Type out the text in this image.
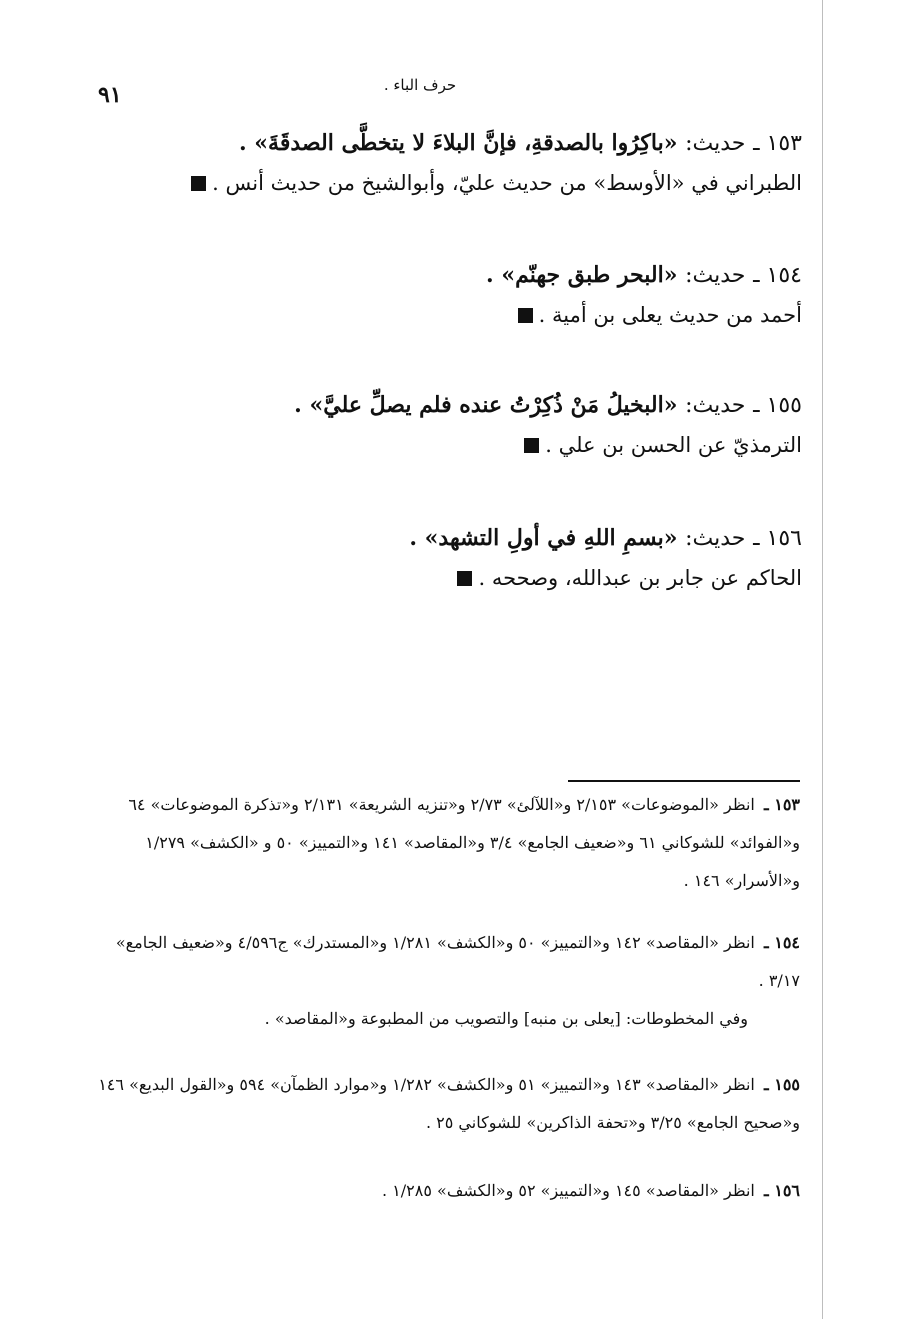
٩١	حرف الباء .
١٥٣ ـ حديث: «باكِرُوا بالصدقةِ، فإنَّ البلاءَ لا يتخطَّى الصدقَةَ» .
الطبراني في «الأوسط» من حديث عليّ، وأبوالشيخ من حديث أنس .
١٥٤ ـ حديث: «البحر طبق جهنّم» .
أحمد من حديث يعلى بن أمية .
١٥٥ ـ حديث: «البخيلُ مَنْ ذُكِرْتُ عنده فلم يصلِّ عليَّ» .
الترمذيّ عن الحسن بن علي .
١٥٦ ـ حديث: «بسمِ اللهِ في أولِ التشهد» .
الحاكم عن جابر بن عبدالله، وصححه .
١٥٣ ـ انظر «الموضوعات» ٢/١٥٣ و«اللآلئ» ٢/٧٣ و«تنزيه الشريعة» ٢/١٣١ و«تذكرة الموضوعات» ٦٤ و«الفوائد» للشوكاني ٦١ و«ضعيف الجامع» ٣/٤ و«المقاصد» ١٤١ و«التمييز» ٥٠ و «الكشف» ١/٢٧٩ و«الأسرار» ١٤٦ .
١٥٤ ـ انظر «المقاصد» ١٤٢ و«التمييز» ٥٠ و«الكشف» ١/٢٨١ و«المستدرك» ج٤/٥٩٦ و«ضعيف الجامع» ٣/١٧ .
وفي المخطوطات: [يعلى بن منبه] والتصويب من المطبوعة و«المقاصد» .
١٥٥ ـ انظر «المقاصد» ١٤٣ و«التمييز» ٥١ و«الكشف» ١/٢٨٢ و«موارد الظمآن» ٥٩٤ و«القول البديع» ١٤٦ و«صحيح الجامع» ٣/٢٥ و«تحفة الذاكرين» للشوكاني ٢٥ .
١٥٦ ـ انظر «المقاصد» ١٤٥ و«التمييز» ٥٢ و«الكشف» ١/٢٨٥ .
